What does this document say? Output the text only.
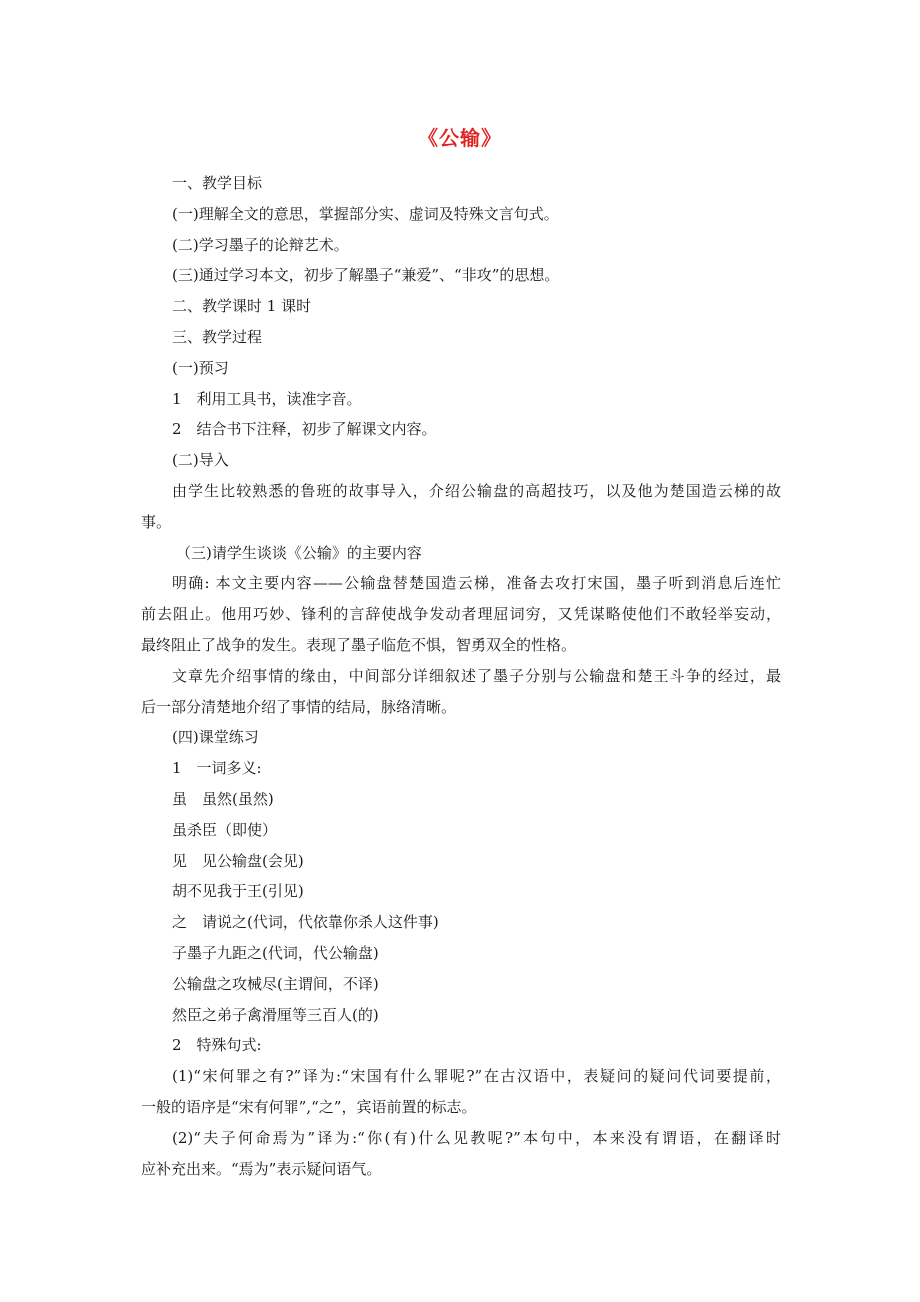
《公输》
一、教学目标
(一)理解全文的意思，掌握部分实、虚词及特殊文言句式。
(二)学习墨子的论辩艺术。
(三)通过学习本文，初步了解墨子“兼爱”、“非攻”的思想。
二、教学课时 1 课时
三、教学过程
(一)预习
1　利用工具书，读准字音。
2　结合书下注释，初步了解课文内容。
(二)导入
由学生比较熟悉的鲁班的故事导入，介绍公输盘的高超技巧，以及他为楚国造云梯的故
事。
（三)请学生谈谈《公输》的主要内容
明确: 本文主要内容——公输盘替楚国造云梯，准备去攻打宋国，墨子听到消息后连忙
前去阻止。他用巧妙、锋利的言辞使战争发动者理屈词穷，又凭谋略使他们不敢轻举妄动，
最终阻止了战争的发生。表现了墨子临危不惧，智勇双全的性格。
文章先介绍事情的缘由，中间部分详细叙述了墨子分别与公输盘和楚王斗争的经过，最
后一部分清楚地介绍了事情的结局，脉络清晰。
(四)课堂练习
1　一词多义:
虽　虽然(虽然)
虽杀臣（即使）
见　见公输盘(会见)
胡不见我于王(引见)
之　请说之(代词，代依靠你杀人这件事)
子墨子九距之(代词，代公输盘)
公输盘之攻械尽(主谓间，不译)
然臣之弟子禽滑厘等三百人(的)
2　特殊句式:
(1)“宋何罪之有?”译为:“宋国有什么罪呢?”在古汉语中，表疑问的疑问代词要提前，
一般的语序是“宋有何罪”,“之”，宾语前置的标志。
(2)“夫子何命焉为”译为:“你(有)什么见教呢?”本句中，本来没有谓语，在翻译时
应补充出来。“焉为”表示疑问语气。
